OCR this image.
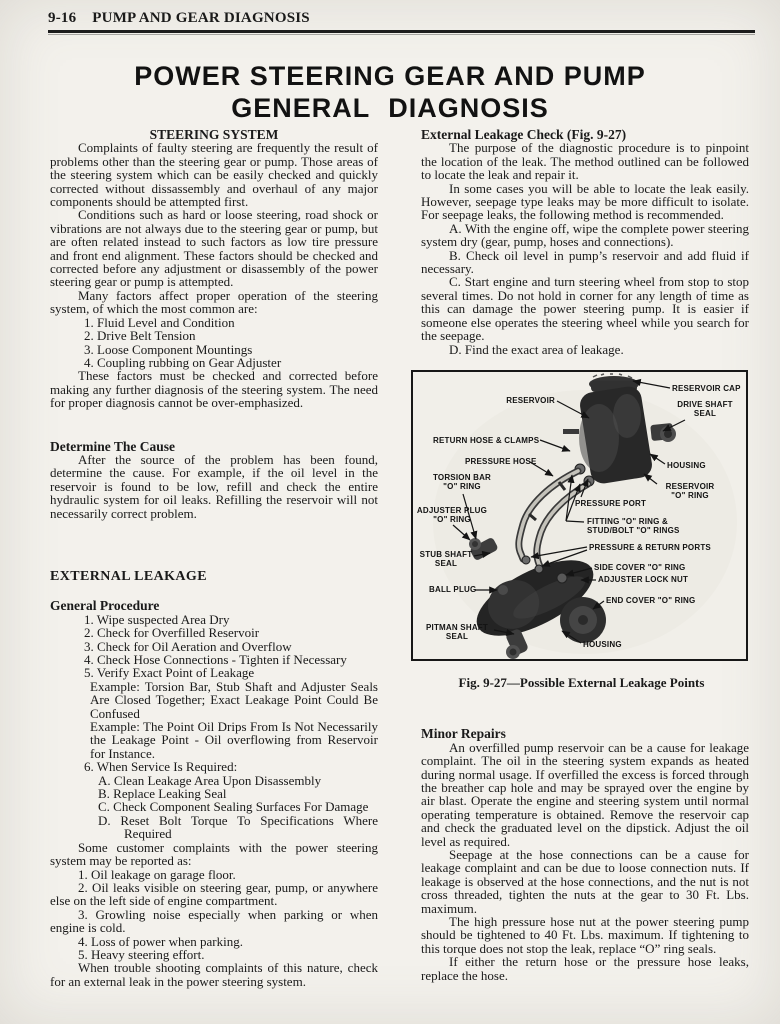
9-16 PUMP AND GEAR DIAGNOSIS
POWER STEERING GEAR AND PUMP
GENERAL DIAGNOSIS
STEERING SYSTEM

Complaints of faulty steering are frequently the result of problems other than the steering gear or pump. Those areas of the steering system which can be easily checked and quickly corrected without dissassembly and overhaul of any major components should be attempted first.

Conditions such as hard or loose steering, road shock or vibrations are not always due to the steering gear or pump, but are often related instead to such factors as low tire pressure and front end alignment. These factors should be checked and corrected before any adjustment or disassembly of the power steering gear or pump is attempted.

Many factors affect proper operation of the steering system, of which the most common are:

1. Fluid Level and Condition
2. Drive Belt Tension
3. Loose Component Mountings
4. Coupling rubbing on Gear Adjuster

These factors must be checked and corrected before making any further diagnosis of the steering system. The need for proper diagnosis cannot be over-emphasized.

Determine The Cause

After the source of the problem has been found, determine the cause. For example, if the oil level in the reservoir is found to be low, refill and check the entire hydraulic system for oil leaks. Refilling the reservoir will not necessarily correct problem.

EXTERNAL LEAKAGE
General Procedure
1. Wipe suspected Area Dry
2. Check for Overfilled Reservoir
3. Check for Oil Aeration and Overflow
4. Check Hose Connections - Tighten if Necessary
5. Verify Exact Point of Leakage
Example: Torsion Bar, Stub Shaft and Adjuster Seals Are Closed Together; Exact Leakage Point Could Be Confused
Example: The Point Oil Drips From Is Not Necessarily the Leakage Point - Oil overflowing from Reservoir for Instance.
6. When Service Is Required:
A. Clean Leakage Area Upon Disassembly
B. Replace Leaking Seal
C. Check Component Sealing Surfaces For Damage
D. Reset Bolt Torque To Specifications Where Required

Some customer complaints with the power steering system may be reported as:

1. Oil leakage on garage floor.

2. Oil leaks visible on steering gear, pump, or anywhere else on the left side of engine compartment.

3. Growling noise especially when parking or when engine is cold.

4. Loss of power when parking.

5. Heavy steering effort.

When trouble shooting complaints of this nature, check for an external leak in the power steering system.

External Leakage Check (Fig. 9-27)

The purpose of the diagnostic procedure is to pinpoint the location of the leak. The method outlined can be followed to locate the leak and repair it.

In some cases you will be able to locate the leak easily. However, seepage type leaks may be more difficult to isolate. For seepage leaks, the following method is recommended.

A. With the engine off, wipe the complete power steering system dry (gear, pump, hoses and connections).

B. Check oil level in pump’s reservoir and add fluid if necessary.

C. Start engine and turn steering wheel from stop to stop several times. Do not hold in corner for any length of time as this can damage the power steering pump. It is easier if someone else operates the steering wheel while you search for the seepage.

D. Find the exact area of leakage.

RESERVOIR
RESERVOIR CAP
DRIVE SHAFT SEAL
RETURN HOSE & CLAMPS
PRESSURE HOSE	HOUSING
TORSION BAR "O" RING	RESERVOIR "O" RING
PRESSURE PORT
ADJUSTER PLUG "O" RING	FITTING "O" RING & STUD/BOLT "O" RINGS
PRESSURE & RETURN PORTS
STUB SHAFT SEAL	SIDE COVER "O" RING
ADJUSTER LOCK NUT
BALL PLUG
END COVER "O" RING
PITMAN SHAFT SEAL
HOUSING
Fig. 9-27—Possible External Leakage Points
Minor Repairs

An overfilled pump reservoir can be a cause for leakage complaint. The oil in the steering system expands as heated during normal usage. If overfilled the excess is forced through the breather cap hole and may be sprayed over the engine by air blast. Operate the engine and steering system until normal operating temperature is obtained. Remove the reservoir cap and check the graduated level on the dipstick. Adjust the oil level as required.

Seepage at the hose connections can be a cause for leakage complaint and can be due to loose connection nuts. If leakage is observed at the hose connections, and the nut is not cross threaded, tighten the nuts at the gear to 30 Ft. Lbs. maximum.

The high pressure hose nut at the power steering pump should be tightened to 40 Ft. Lbs. maximum. If tightening to this torque does not stop the leak, replace “O” ring seals.

If either the return hose or the pressure hose leaks, replace the hose.
